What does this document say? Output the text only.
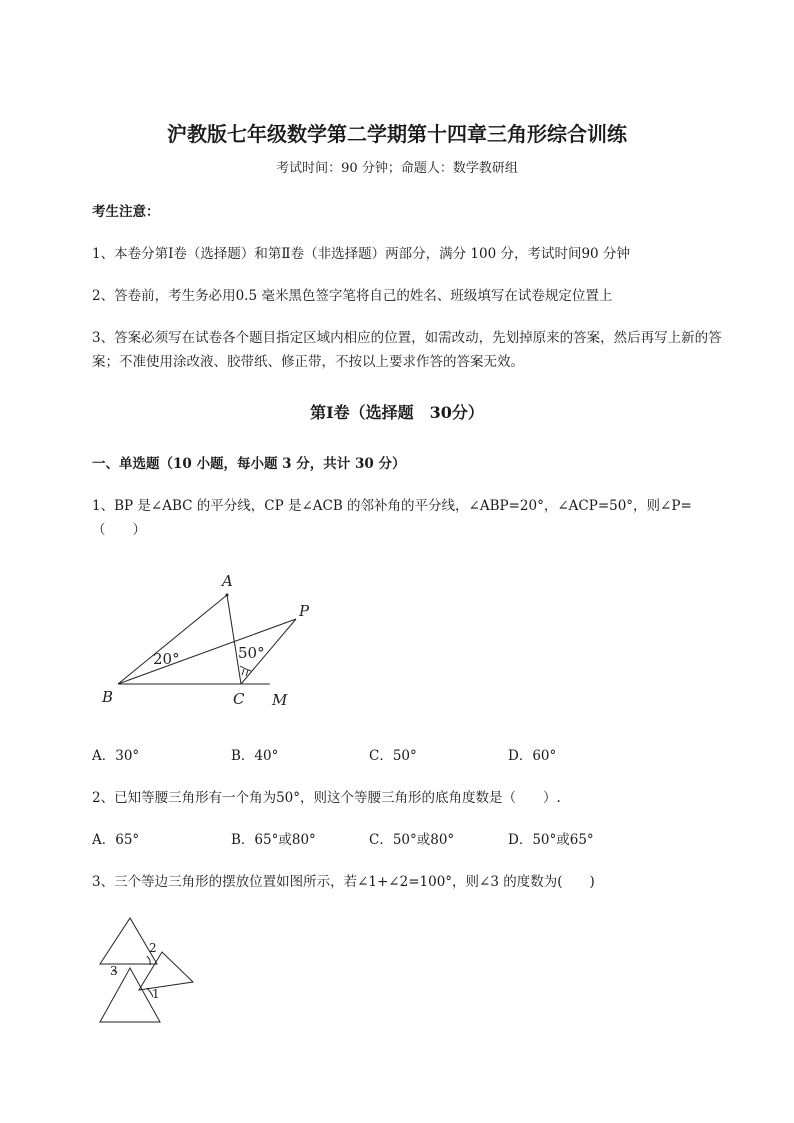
沪教版七年级数学第二学期第十四章三角形综合训练
考试时间：90 分钟；命题人：数学教研组
考生注意：
1、本卷分第Ⅰ卷（选择题）和第Ⅱ卷（非选择题）两部分，满分 100 分，考试时间90 分钟
2、答卷前，考生务必用0.5 毫米黑色签字笔将自己的姓名、班级填写在试卷规定位置上
3、答案必须写在试卷各个题目指定区域内相应的位置，如需改动，先划掉原来的答案，然后再写上新的答案；不准使用涂改液、胶带纸、修正带，不按以上要求作答的答案无效。
第Ⅰ卷（选择题　30分）
一、单选题（10 小题，每小题 3 分，共计 30 分）
1、BP 是∠ABC 的平分线，CP 是∠ACB 的邻补角的平分线，∠ABP=20°，∠ACP=50°，则∠P=
（　　）
A
P
B	C M
20°	50°
A．30°	B．40°	C．50°	D．60°
2、已知等腰三角形有一个角为50°，则这个等腰三角形的底角度数是（　　）.
A．65°	B．65°或80°	C．50°或80°	D．50°或65°
3、三个等边三角形的摆放位置如图所示，若∠1+∠2=100°，则∠3 的度数为(　　)
2
3
1
